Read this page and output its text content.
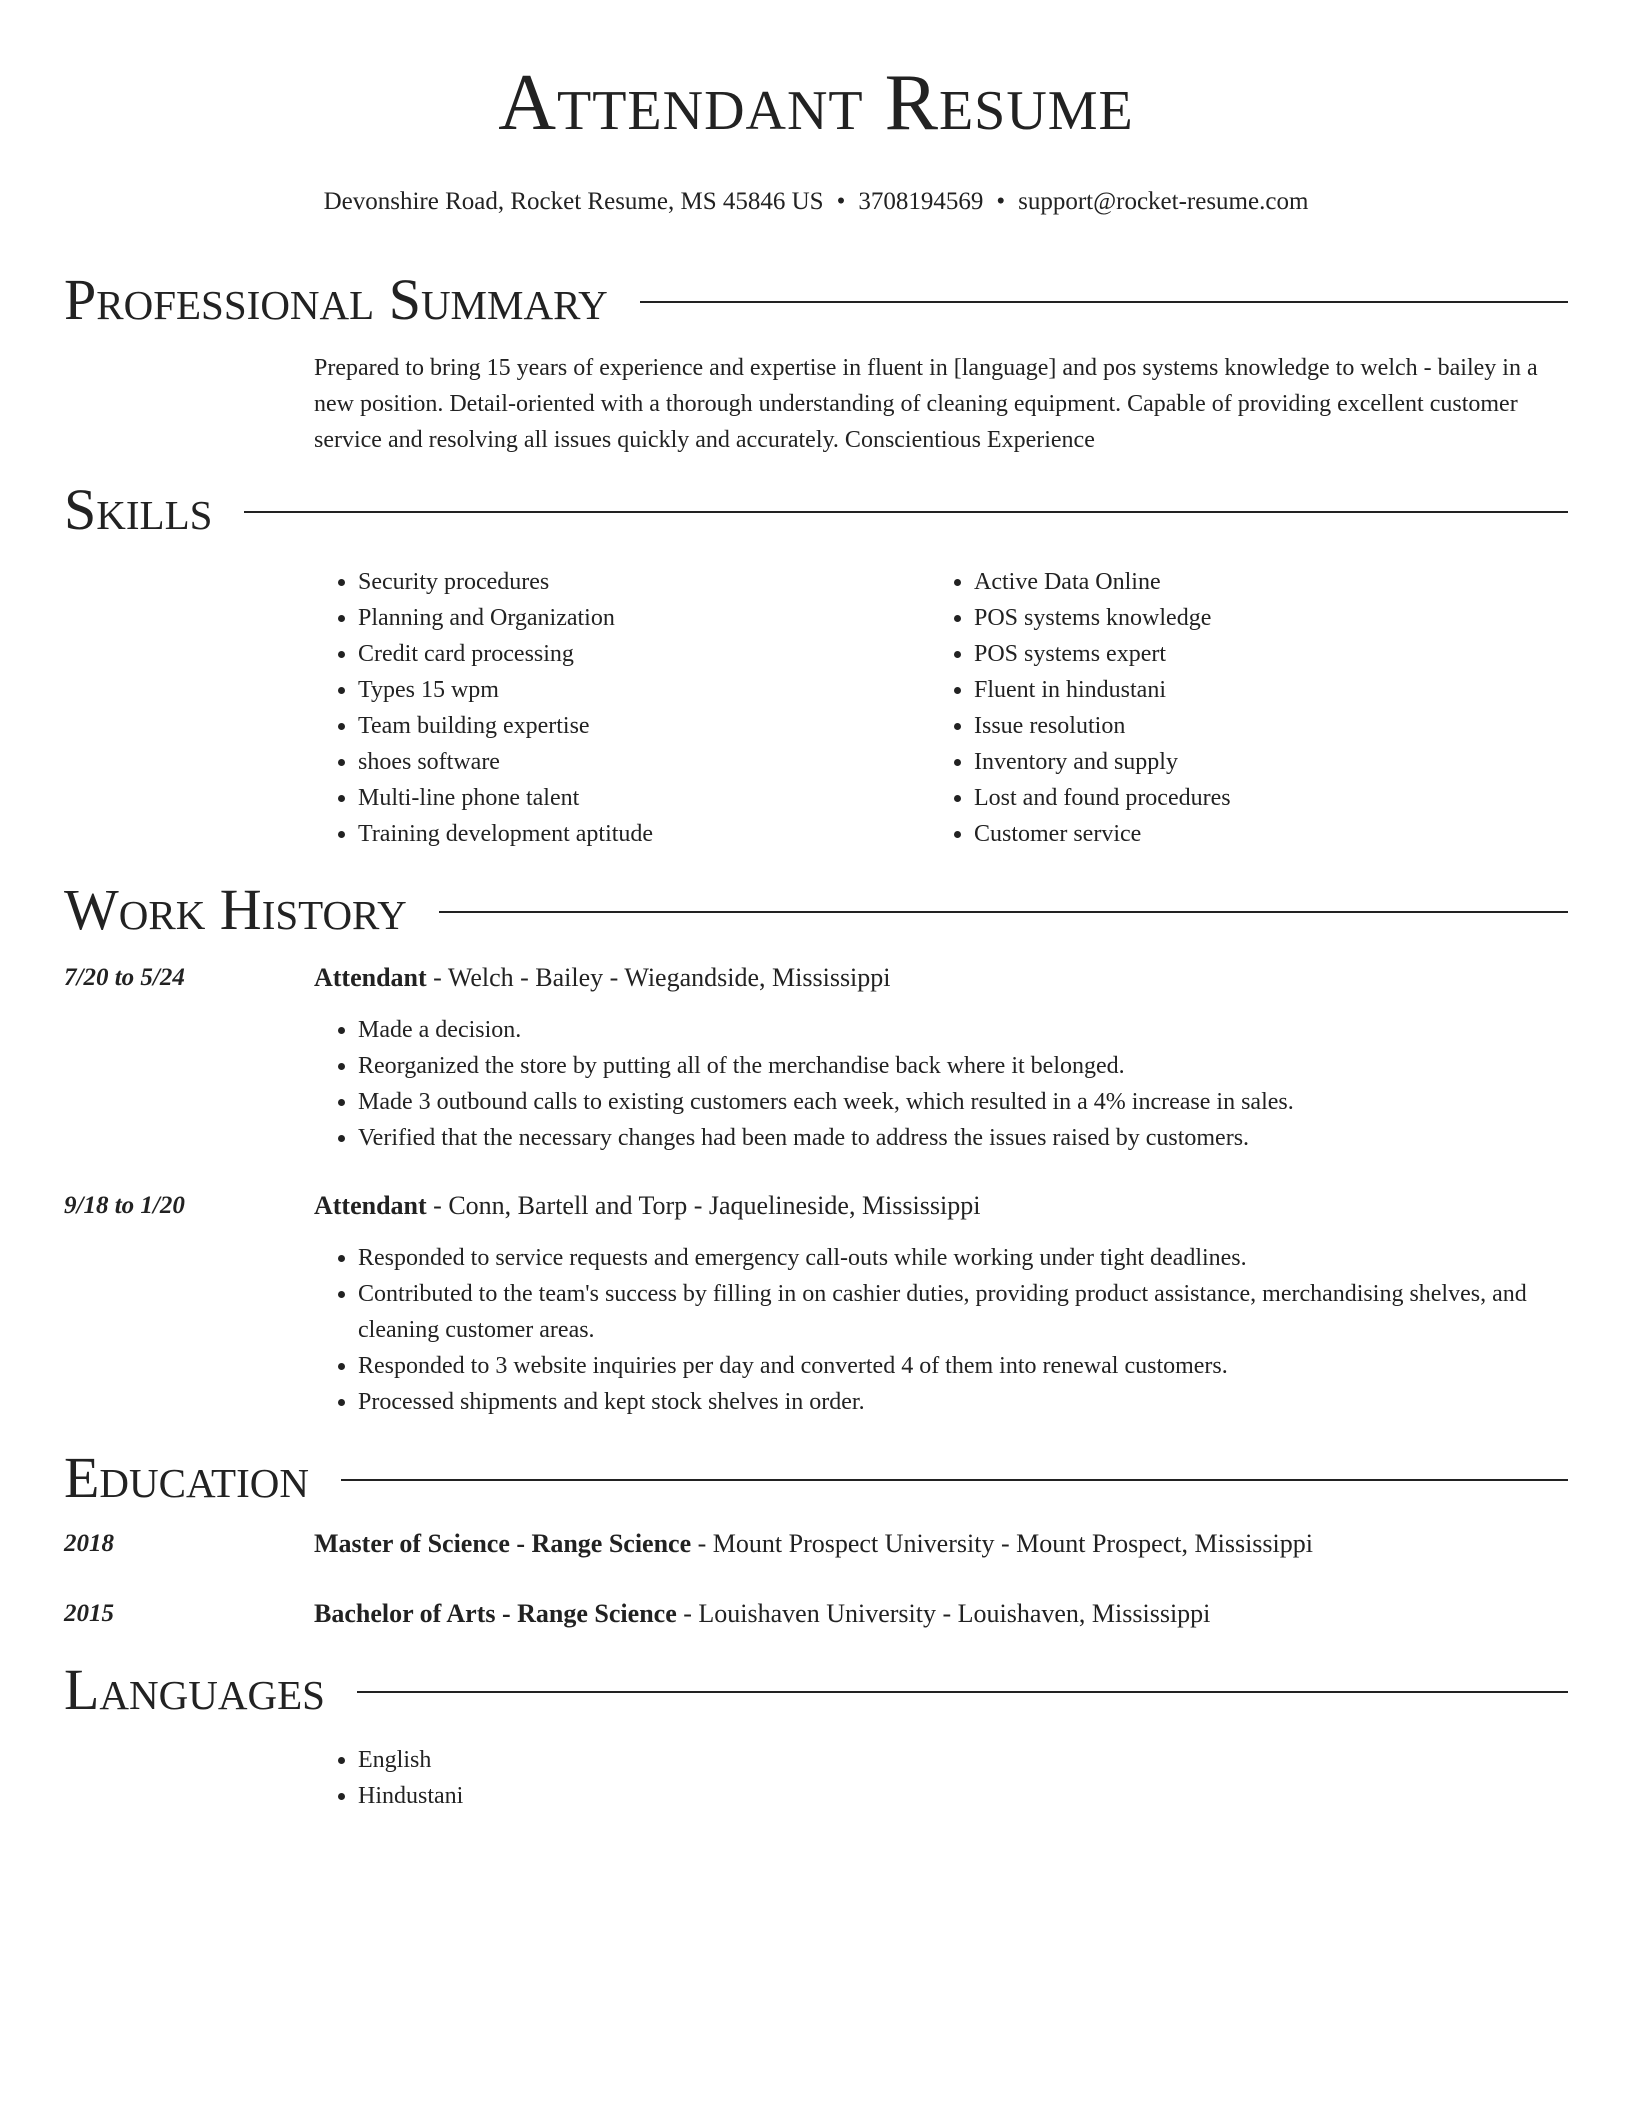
Attendant Resume
Devonshire Road, Rocket Resume, MS 45846 US • 3708194569 • support@rocket-resume.com
Professional Summary
Prepared to bring 15 years of experience and expertise in fluent in [language] and pos systems knowledge to welch - bailey in a new position. Detail-oriented with a thorough understanding of cleaning equipment. Capable of providing excellent customer service and resolving all issues quickly and accurately. Conscientious Experience
Skills
• Security procedures
• Planning and Organization
• Credit card processing
• Types 15 wpm
• Team building expertise
• shoes software
• Multi-line phone talent
• Training development aptitude
• Active Data Online
• POS systems knowledge
• POS systems expert
• Fluent in hindustani
• Issue resolution
• Inventory and supply
• Lost and found procedures
• Customer service
Work History
7/20 to 5/24	Attendant - Welch - Bailey - Wiegandside, Mississippi
• Made a decision.
• Reorganized the store by putting all of the merchandise back where it belonged.
• Made 3 outbound calls to existing customers each week, which resulted in a 4% increase in sales.
• Verified that the necessary changes had been made to address the issues raised by customers.
9/18 to 1/20	Attendant - Conn, Bartell and Torp - Jaquelineside, Mississippi
• Responded to service requests and emergency call-outs while working under tight deadlines.
• Contributed to the team's success by filling in on cashier duties, providing product assistance, merchandising shelves, and cleaning customer areas.
• Responded to 3 website inquiries per day and converted 4 of them into renewal customers.
• Processed shipments and kept stock shelves in order.
Education
2018	Master of Science - Range Science - Mount Prospect University - Mount Prospect, Mississippi
2015	Bachelor of Arts - Range Science - Louishaven University - Louishaven, Mississippi
Languages
• English
• Hindustani
